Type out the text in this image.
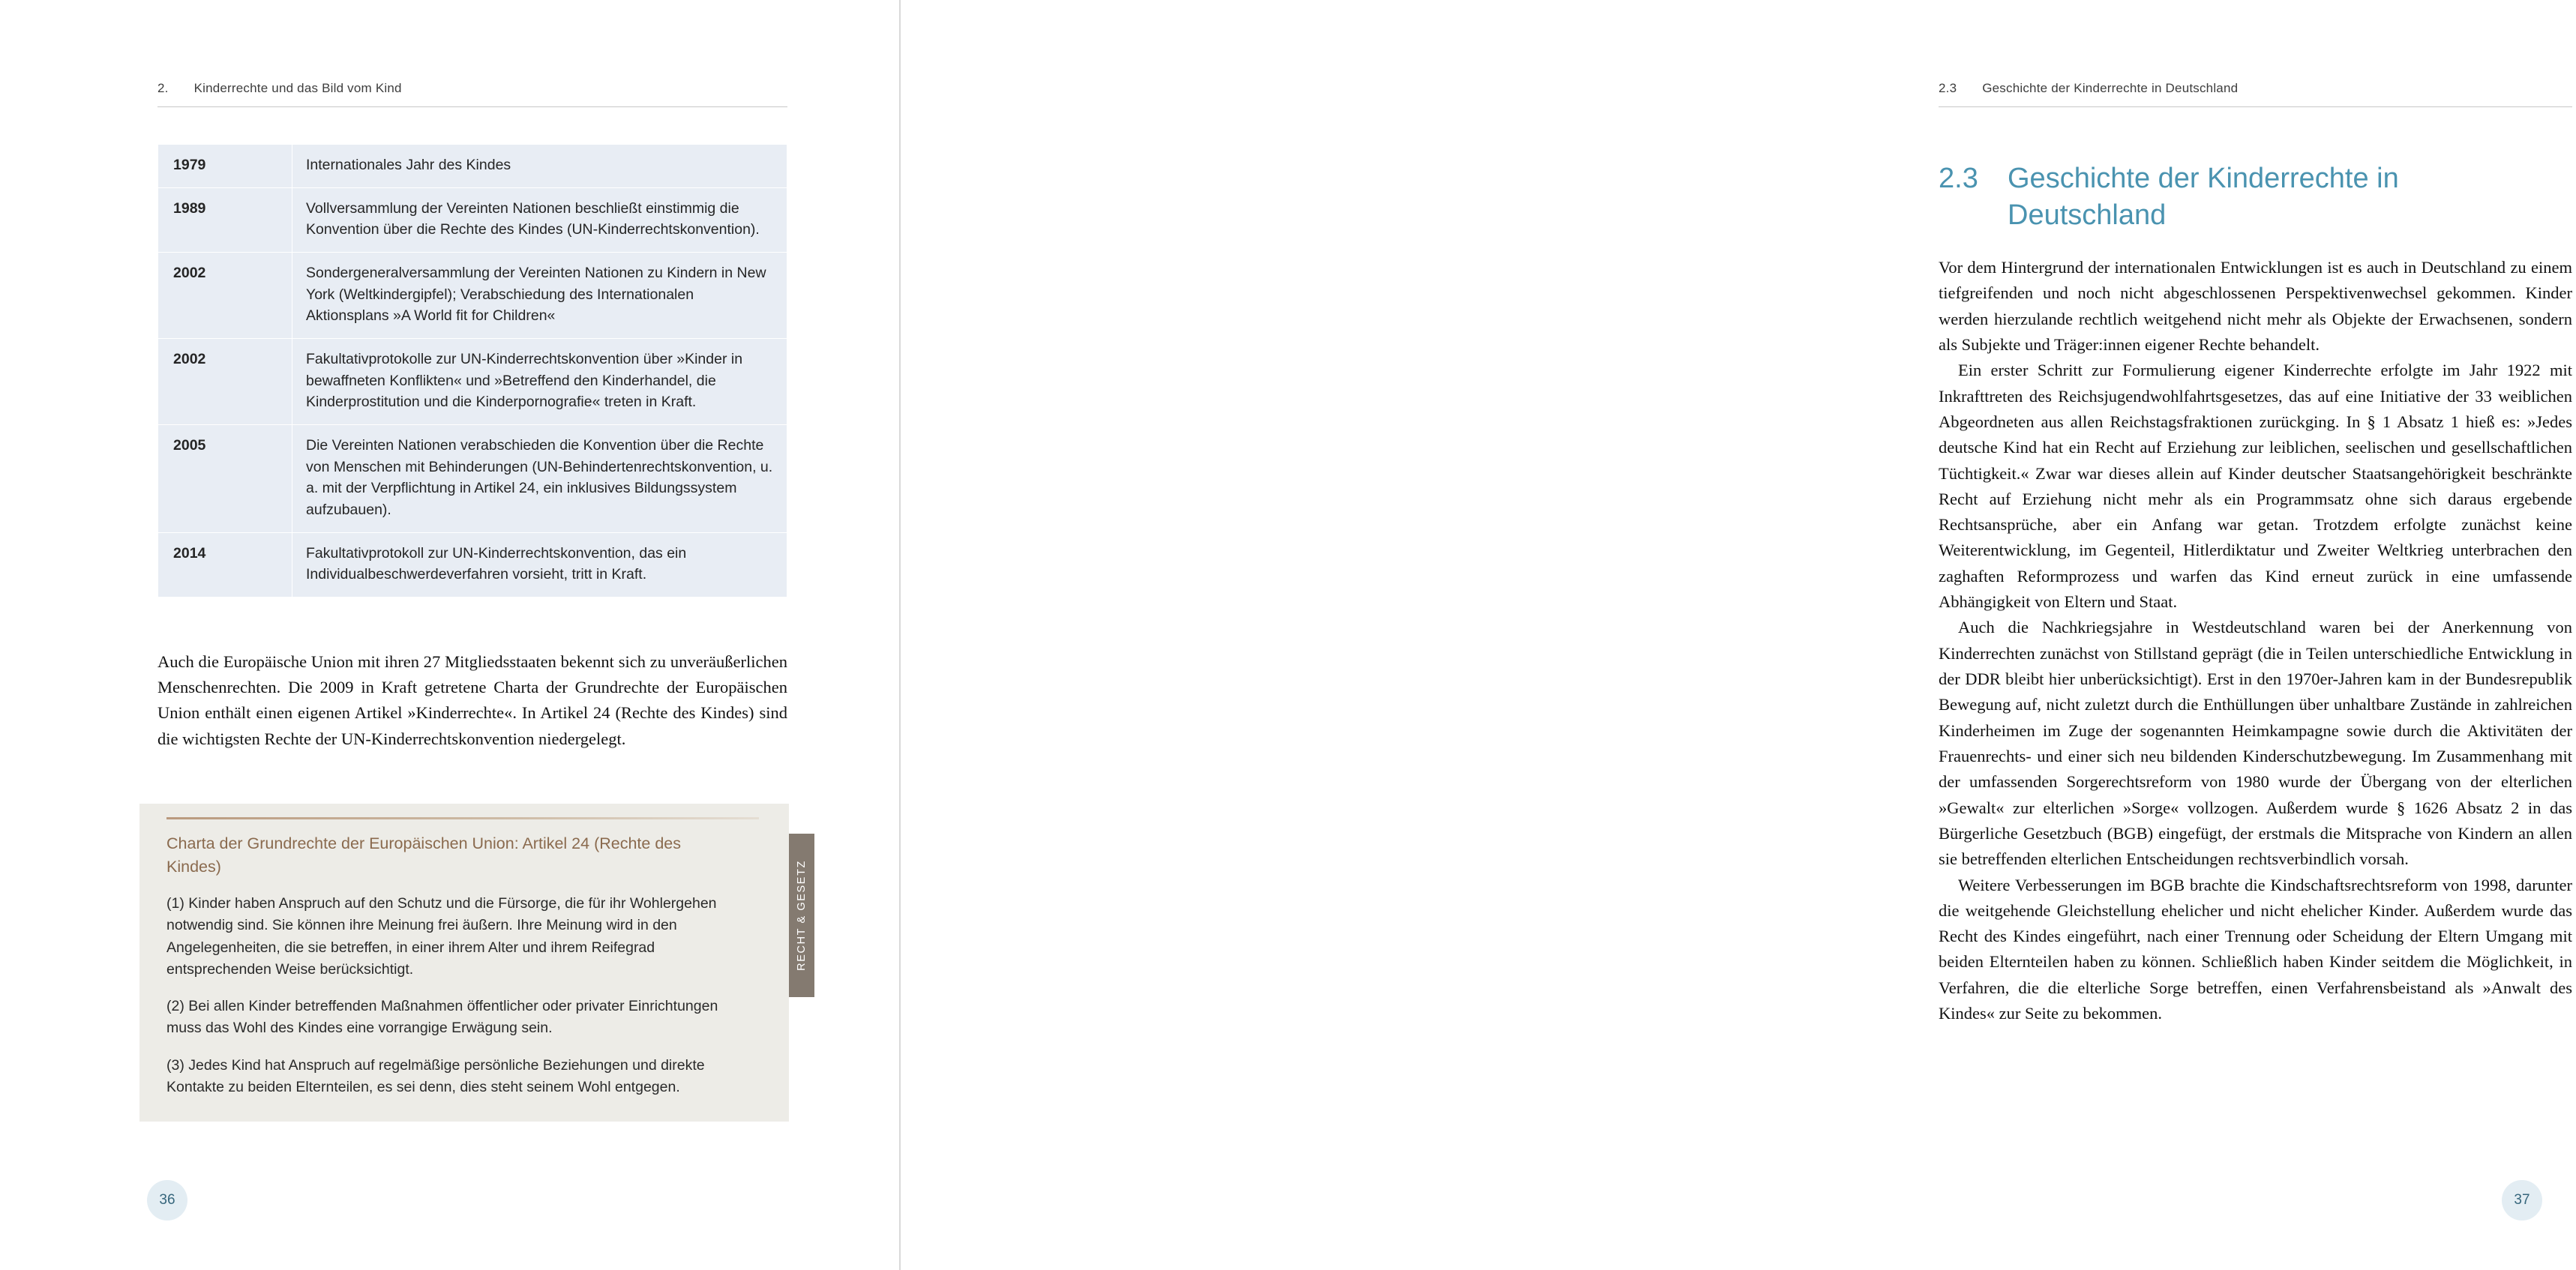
2. Kinderrechte und das Bild vom Kind
1979	Internationales Jahr des Kindes
1989	Vollversammlung der Vereinten Nationen beschließt einstimmig die Konvention über die Rechte des Kindes (UN-Kinderrechtskonvention).
2002	Sondergeneralversammlung der Vereinten Nationen zu Kindern in New York (Weltkindergipfel); Verabschiedung des Internationalen Aktionsplans »A World fit for Children«
2002	Fakultativprotokolle zur UN-Kinderrechtskonvention über »Kinder in bewaffneten Konflikten« und »Betreffend den Kinderhandel, die Kinderprostitution und die Kinderpornografie« treten in Kraft.
2005	Die Vereinten Nationen verabschieden die Konvention über die Rechte von Menschen mit Behinderungen (UN-Behindertenrechtskonvention, u. a. mit der Verpflichtung in Artikel 24, ein inklusives Bildungssystem aufzubauen).
2014	Fakultativprotokoll zur UN-Kinderrechtskonvention, das ein Individualbeschwerdeverfahren vorsieht, tritt in Kraft.
Auch die Europäische Union mit ihren 27 Mitgliedsstaaten bekennt sich zu unveräußerlichen Menschenrechten. Die 2009 in Kraft getretene Charta der Grundrechte der Europäischen Union enthält einen eigenen Artikel »Kinderrechte«. In Artikel 24 (Rechte des Kindes) sind die wichtigsten Rechte der UN-Kinderrechtskonvention niedergelegt.
Charta der Grundrechte der Europäischen Union: Artikel 24 (Rechte des Kindes)

(1) Kinder haben Anspruch auf den Schutz und die Fürsorge, die für ihr Wohlergehen notwendig sind. Sie können ihre Meinung frei äußern. Ihre Meinung wird in den Angelegenheiten, die sie betreffen, in einer ihrem Alter und ihrem Reifegrad entsprechenden Weise berücksichtigt.

(2) Bei allen Kinder betreffenden Maßnahmen öffentlicher oder privater Einrichtungen muss das Wohl des Kindes eine vorrangige Erwägung sein.

(3) Jedes Kind hat Anspruch auf regelmäßige persönliche Beziehungen und direkte Kontakte zu beiden Elternteilen, es sei denn, dies steht seinem Wohl entgegen.

RECHT & GESETZ
36
2.3 Geschichte der Kinderrechte in Deutschland
2.3 Geschichte der Kinderrechte in Deutschland

Vor dem Hintergrund der internationalen Entwicklungen ist es auch in Deutschland zu einem tiefgreifenden und noch nicht abgeschlossenen Perspektivenwechsel gekommen. Kinder werden hierzulande rechtlich weitgehend nicht mehr als Objekte der Erwachsenen, sondern als Subjekte und Träger:innen eigener Rechte behandelt.

Ein erster Schritt zur Formulierung eigener Kinderrechte erfolgte im Jahr 1922 mit Inkrafttreten des Reichsjugendwohlfahrtsgesetzes, das auf eine Initiative der 33 weiblichen Abgeordneten aus allen Reichstagsfraktionen zurückging. In § 1 Absatz 1 hieß es: »Jedes deutsche Kind hat ein Recht auf Erziehung zur leiblichen, seelischen und gesellschaftlichen Tüchtigkeit.« Zwar war dieses allein auf Kinder deutscher Staatsangehörigkeit beschränkte Recht auf Erziehung nicht mehr als ein Programmsatz ohne sich daraus ergebende Rechtsansprüche, aber ein Anfang war getan. Trotzdem erfolgte zunächst keine Weiterentwicklung, im Gegenteil, Hitlerdiktatur und Zweiter Weltkrieg unterbrachen den zaghaften Reformprozess und warfen das Kind erneut zurück in eine umfassende Abhängigkeit von Eltern und Staat.

Auch die Nachkriegsjahre in Westdeutschland waren bei der Anerkennung von Kinderrechten zunächst von Stillstand geprägt (die in Teilen unterschiedliche Entwicklung in der DDR bleibt hier unberücksichtigt). Erst in den 1970er-Jahren kam in der Bundesrepublik Bewegung auf, nicht zuletzt durch die Enthüllungen über unhaltbare Zustände in zahlreichen Kinderheimen im Zuge der sogenannten Heimkampagne sowie durch die Aktivitäten der Frauenrechts- und einer sich neu bildenden Kinderschutzbewegung. Im Zusammenhang mit der umfassenden Sorgerechtsreform von 1980 wurde der Übergang von der elterlichen »Gewalt« zur elterlichen »Sorge« vollzogen. Außerdem wurde § 1626 Absatz 2 in das Bürgerliche Gesetzbuch (BGB) eingefügt, der erstmals die Mitsprache von Kindern an allen sie betreffenden elterlichen Entscheidungen rechtsverbindlich vorsah.

Weitere Verbesserungen im BGB brachte die Kindschaftsrechtsreform von 1998, darunter die weitgehende Gleichstellung ehelicher und nicht ehelicher Kinder. Außerdem wurde das Recht des Kindes eingeführt, nach einer Trennung oder Scheidung der Eltern Umgang mit beiden Elternteilen haben zu können. Schließlich haben Kinder seitdem die Möglichkeit, in Verfahren, die die elterliche Sorge betreffen, einen Verfahrensbeistand als »Anwalt des Kindes« zur Seite zu bekommen.

37
